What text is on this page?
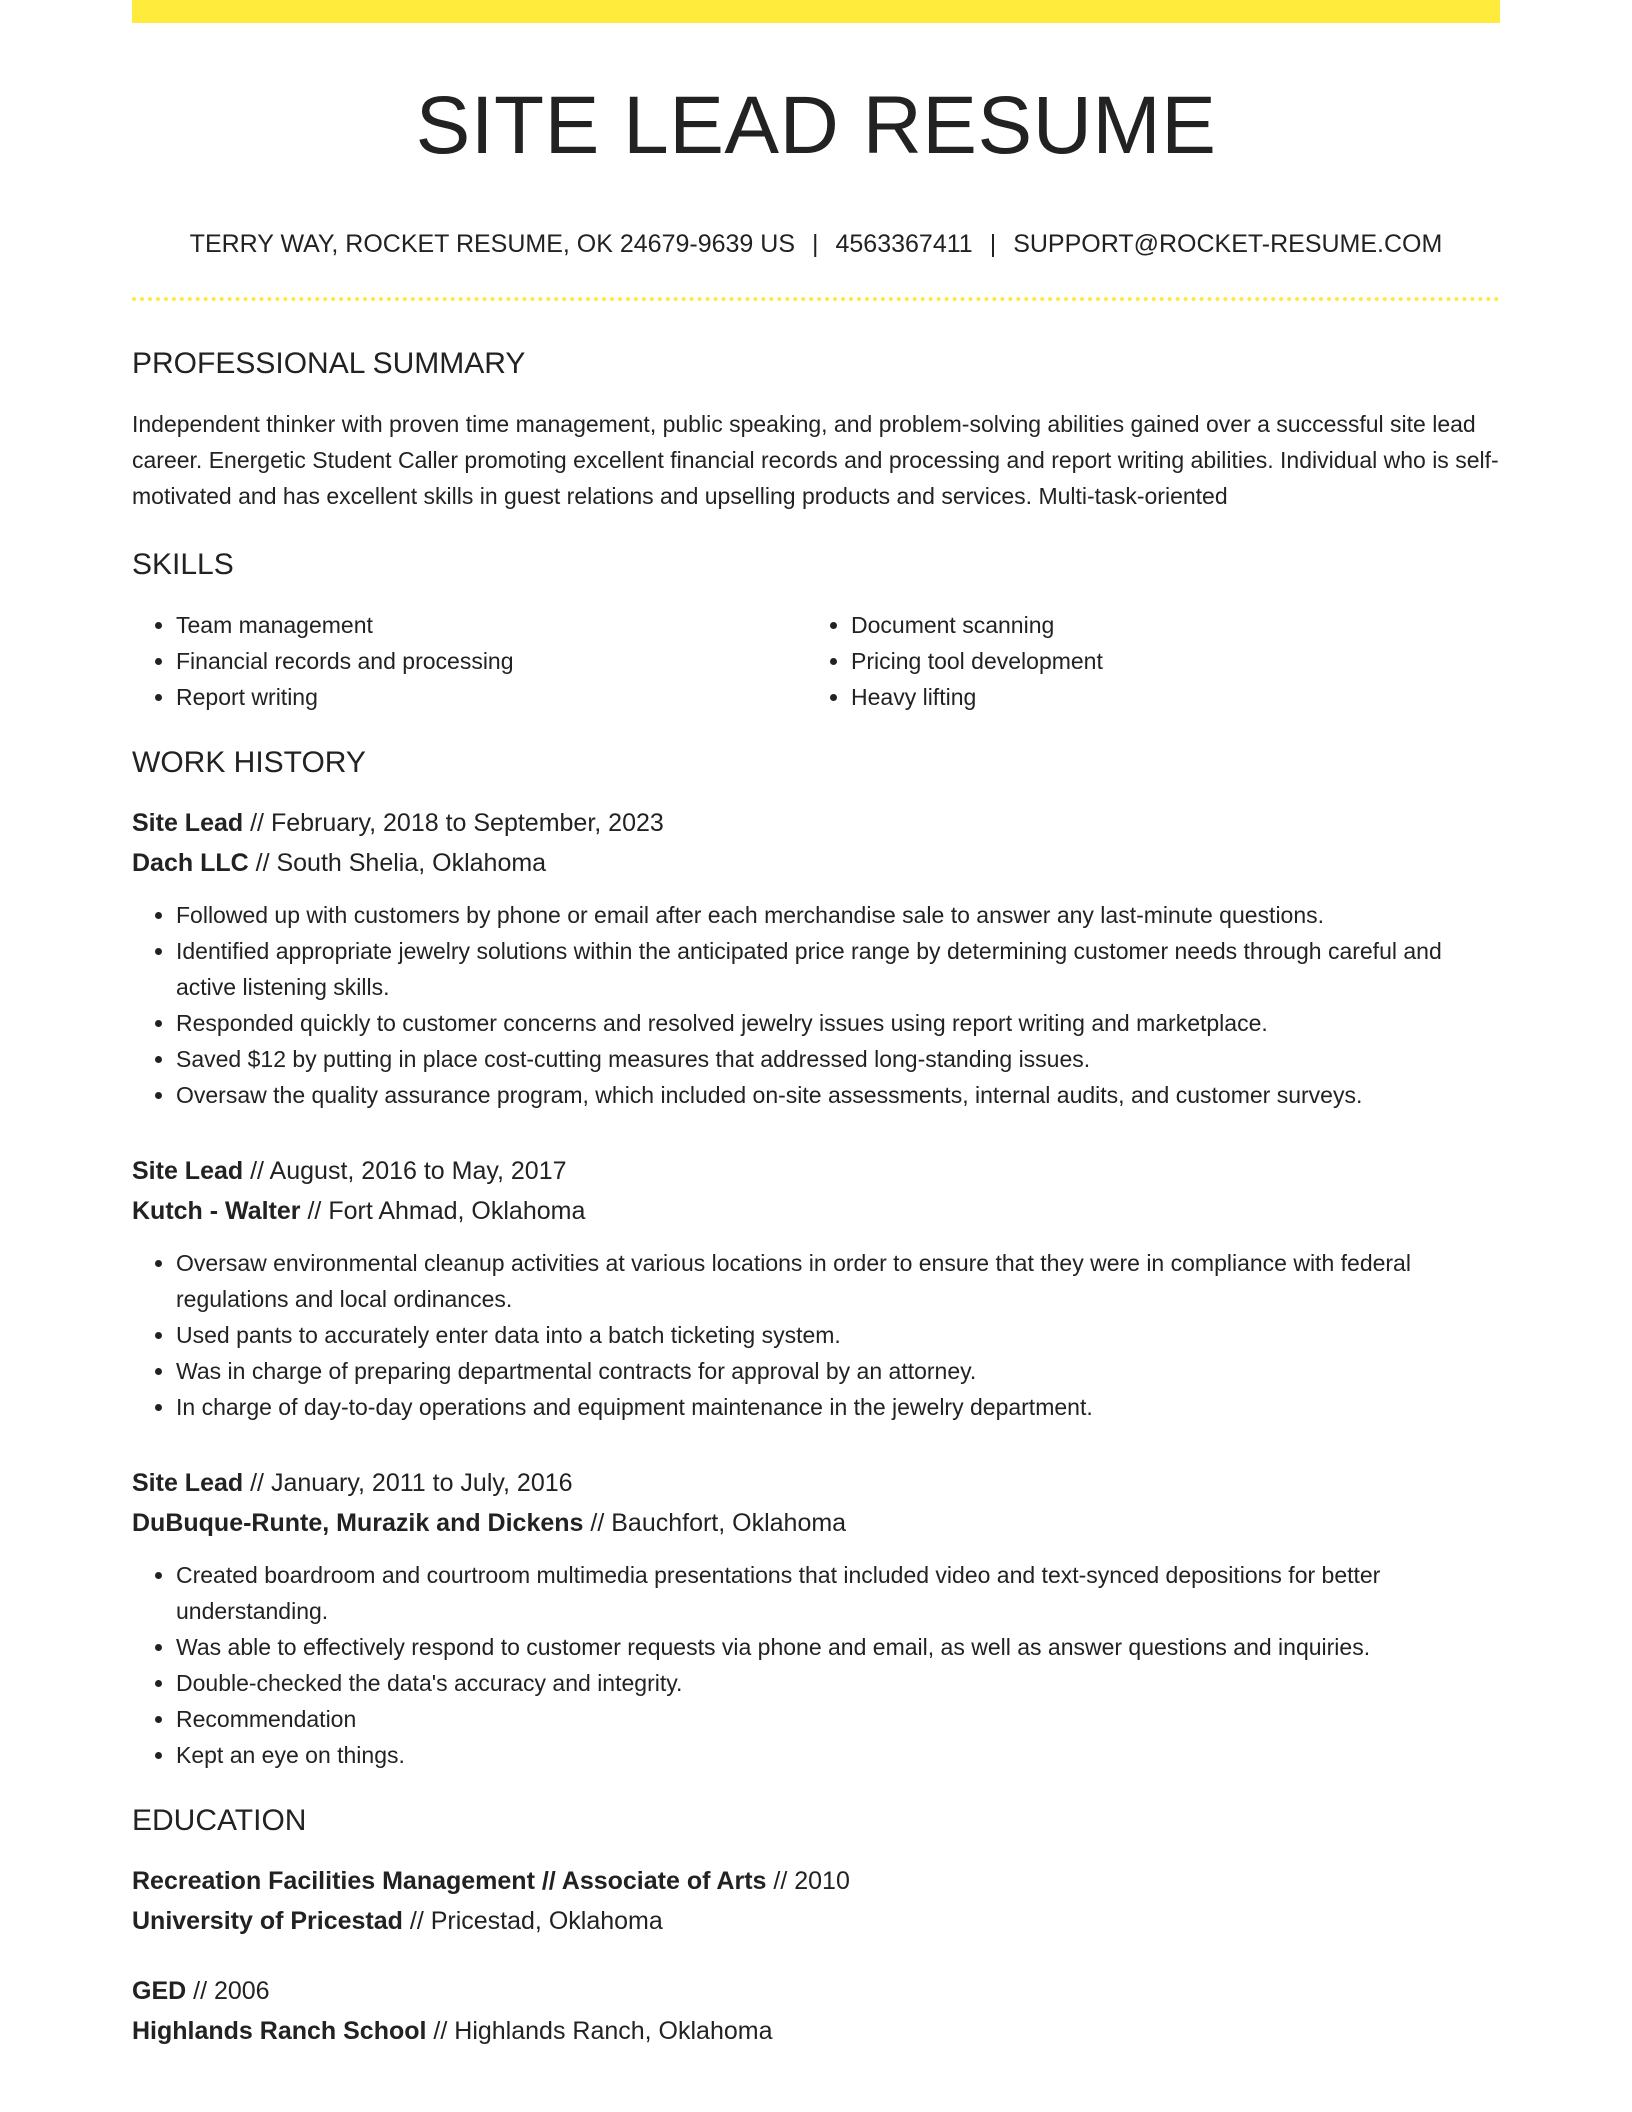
SITE LEAD RESUME
TERRY WAY, ROCKET RESUME, OK 24679-9639 US | 4563367411 | SUPPORT@ROCKET-RESUME.COM
PROFESSIONAL SUMMARY

Independent thinker with proven time management, public speaking, and problem-solving abilities gained over a successful site lead career. Energetic Student Caller promoting excellent financial records and processing and report writing abilities. Individual who is self-motivated and has excellent skills in guest relations and upselling products and services. Multi-task-oriented

SKILLS
• Team management
• Financial records and processing
• Report writing
• Document scanning
• Pricing tool development
• Heavy lifting
WORK HISTORY
Site Lead // February, 2018 to September, 2023
Dach LLC // South Shelia, Oklahoma
• Followed up with customers by phone or email after each merchandise sale to answer any last-minute questions.
• Identified appropriate jewelry solutions within the anticipated price range by determining customer needs through careful and active listening skills.
• Responded quickly to customer concerns and resolved jewelry issues using report writing and marketplace.
• Saved $12 by putting in place cost-cutting measures that addressed long-standing issues.
• Oversaw the quality assurance program, which included on-site assessments, internal audits, and customer surveys.
Site Lead // August, 2016 to May, 2017
Kutch - Walter // Fort Ahmad, Oklahoma
• Oversaw environmental cleanup activities at various locations in order to ensure that they were in compliance with federal regulations and local ordinances.
• Used pants to accurately enter data into a batch ticketing system.
• Was in charge of preparing departmental contracts for approval by an attorney.
• In charge of day-to-day operations and equipment maintenance in the jewelry department.
Site Lead // January, 2011 to July, 2016
DuBuque-Runte, Murazik and Dickens // Bauchfort, Oklahoma
• Created boardroom and courtroom multimedia presentations that included video and text-synced depositions for better understanding.
• Was able to effectively respond to customer requests via phone and email, as well as answer questions and inquiries.
• Double-checked the data's accuracy and integrity.
• Recommendation
• Kept an eye on things.
EDUCATION
Recreation Facilities Management // Associate of Arts // 2010
University of Pricestad // Pricestad, Oklahoma
GED // 2006
Highlands Ranch School // Highlands Ranch, Oklahoma
